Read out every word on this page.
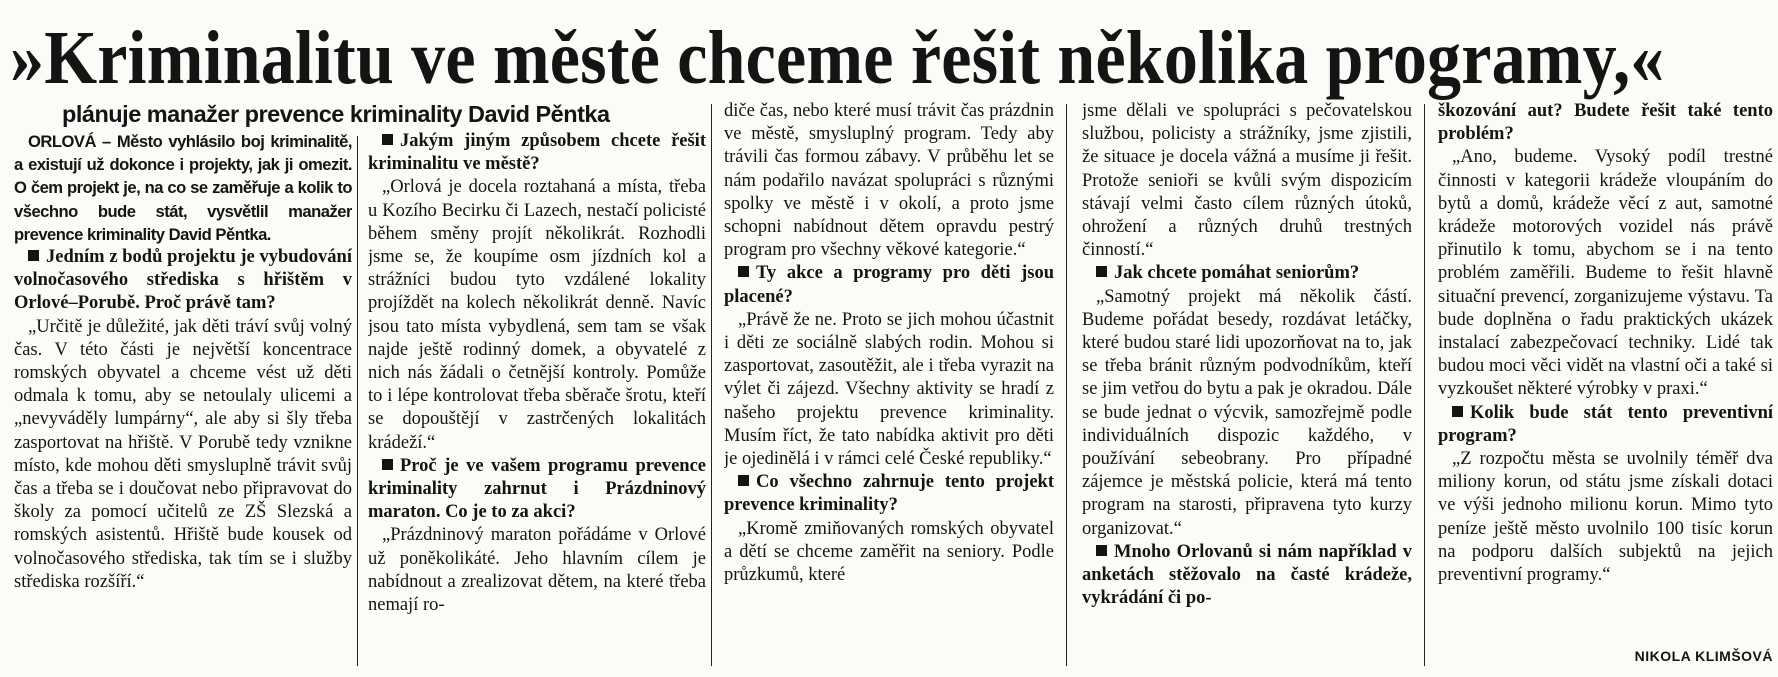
»Kriminalitu ve městě chceme řešit několika programy,«
plánuje manažer prevence kriminality David Pěntka

ORLOVÁ – Město vyhlásilo boj kriminalitě, a existují už dokonce i projekty, jak ji omezit. O čem projekt je, na co se zaměřuje a kolik to všechno bude stát, vysvětlil manažer prevence kriminality David Pěntka.

Jedním z bodů projektu je vybudování volnočasového střediska s hřištěm v Orlové–Porubě. Proč právě tam?

„Určitě je důležité, jak děti tráví svůj volný čas. V této části je největší koncentrace romských obyvatel a chceme vést už děti odmala k tomu, aby se netoulaly ulicemi a „nevyváděly lumpárny“, ale aby si šly třeba zasportovat na hřiště. V Porubě tedy vznikne místo, kde mohou děti smysluplně trávit svůj čas a třeba se i doučovat nebo připravovat do školy za pomocí učitelů ze ZŠ Slezská a romských asistentů. Hřiště bude kousek od volnočasového střediska, tak tím se i služby střediska rozšíří.“

Jakým jiným způsobem chcete řešit kriminalitu ve městě?

„Orlová je docela roztahaná a místa, třeba u Kozího Becirku či Lazech, nestačí policisté během směny projít několikrát. Rozhodli jsme se, že koupíme osm jízdních kol a strážníci budou tyto vzdálené lokality projíždět na kolech několikrát denně. Navíc jsou tato místa vybydlená, sem tam se však najde ještě rodinný domek, a obyvatelé z nich nás žádali o četnější kontroly. Pomůže to i lépe kontrolovat třeba sběrače šrotu, kteří se dopouštějí v zastrčených lokalitách krádeží.“

Proč je ve vašem programu prevence kriminality zahrnut i Prázdninový maraton. Co je to za akci?

„Prázdninový maraton pořádáme v Orlové už poněkolikáté. Jeho hlavním cílem je nabídnout a zrealizovat dětem, na které třeba nemají ro-

diče čas, nebo které musí trávit čas prázdnin ve městě, smysluplný program. Tedy aby trávili čas formou zábavy. V průběhu let se nám podařilo navázat spolupráci s různými spolky ve městě i v okolí, a proto jsme schopni nabídnout dětem opravdu pestrý program pro všechny věkové kategorie.“

Ty akce a programy pro děti jsou placené?

„Právě že ne. Proto se jich mohou účastnit i děti ze sociálně slabých rodin. Mohou si zasportovat, zasoutěžit, ale i třeba vyrazit na výlet či zájezd. Všechny aktivity se hradí z našeho projektu prevence kriminality. Musím říct, že tato nabídka aktivit pro děti je ojedinělá i v rámci celé České republiky.“

Co všechno zahrnuje tento projekt prevence kriminality?

„Kromě zmiňovaných romských obyvatel a dětí se chceme zaměřit na seniory. Podle průzkumů, které

jsme dělali ve spolupráci s pečovatelskou službou, policisty a strážníky, jsme zjistili, že situace je docela vážná a musíme ji řešit. Protože senioři se kvůli svým dispozicím stávají velmi často cílem různých útoků, ohrožení a různých druhů trestných činností.“

Jak chcete pomáhat seniorům?

„Samotný projekt má několik částí. Budeme pořádat besedy, rozdávat letáčky, které budou staré lidi upozorňovat na to, jak se třeba bránit různým podvodníkům, kteří se jim vetřou do bytu a pak je okradou. Dále se bude jednat o výcvik, samozřejmě podle individuálních dispozic každého, v používání sebeobrany. Pro případné zájemce je městská policie, která má tento program na starosti, připravena tyto kurzy organizovat.“

Mnoho Orlovanů si nám například v anketách stěžovalo na časté krádeže, vykrádání či po-

škozování aut? Budete řešit také tento problém?

„Ano, budeme. Vysoký podíl trestné činnosti v kategorii krádeže vloupáním do bytů a domů, krádeže věcí z aut, samotné krádeže motorových vozidel nás právě přinutilo k tomu, abychom se i na tento problém zaměřili. Budeme to řešit hlavně situační prevencí, zorganizujeme výstavu. Ta bude doplněna o řadu praktických ukázek instalací zabezpečovací techniky. Lidé tak budou moci věci vidět na vlastní oči a také si vyzkoušet některé výrobky v praxi.“

Kolik bude stát tento preventivní program?

„Z rozpočtu města se uvolnily téměř dva miliony korun, od státu jsme získali dotaci ve výši jednoho milionu korun. Mimo tyto peníze ještě město uvolnilo 100 tisíc korun na podporu dalších subjektů na jejich preventivní programy.“

NIKOLA KLIMŠOVÁ
